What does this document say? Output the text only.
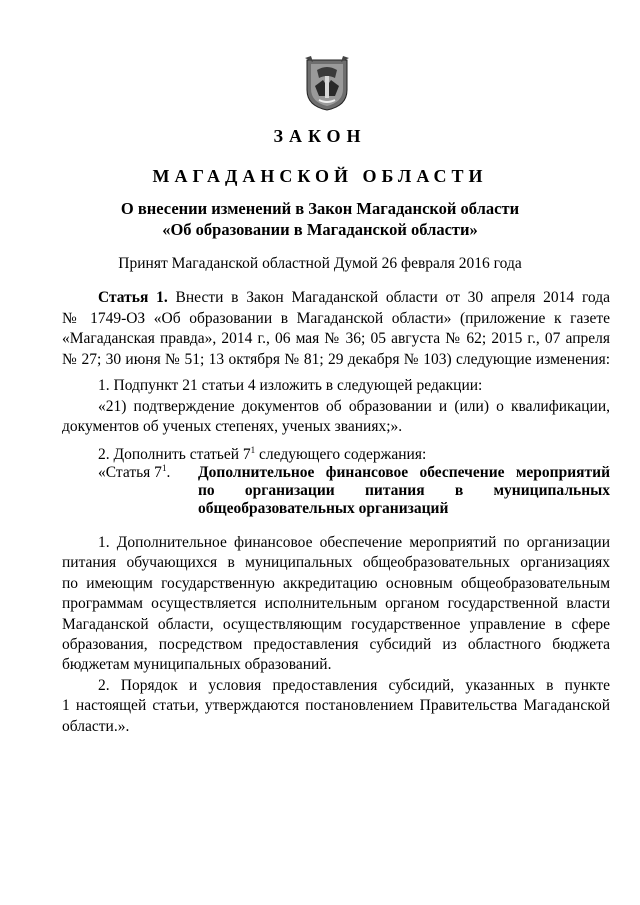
ЗАКОН
МАГАДАНСКОЙ ОБЛАСТИ
О внесении изменений в Закон Магаданской области
«Об образовании в Магаданской области»
Принят Магаданской областной Думой 26 февраля 2016 года
Статья 1. Внести в Закон Магаданской области от 30 апреля 2014 года
№ 1749-ОЗ «Об образовании в Магаданской области» (приложение к газете
«Магаданская правда», 2014 г., 06 мая № 36; 05 августа № 62; 2015 г., 07 апреля
№ 27; 30 июня № 51; 13 октября № 81; 29 декабря № 103) следующие изменения:
1. Подпункт 21 статьи 4 изложить в следующей редакции:
«21) подтверждение документов об образовании и (или) о квалификации,
документов об ученых степенях, ученых званиях;».
2. Дополнить статьей $7^1$ следующего содержания:
«Статья $7^1$.	Дополнительное финансовое обеспечение мероприятий
по организации питания в муниципальных
общеобразовательных организаций
1. Дополнительное финансовое обеспечение мероприятий по организации
питания обучающихся в муниципальных общеобразовательных организациях
по имеющим государственную аккредитацию основным общеобразовательным
программам осуществляется исполнительным органом государственной власти
Магаданской области, осуществляющим государственное управление в сфере
образования, посредством предоставления субсидий из областного бюджета
бюджетам муниципальных образований.
2. Порядок и условия предоставления субсидий, указанных в пункте
1 настоящей статьи, утверждаются постановлением Правительства Магаданской
области.».
